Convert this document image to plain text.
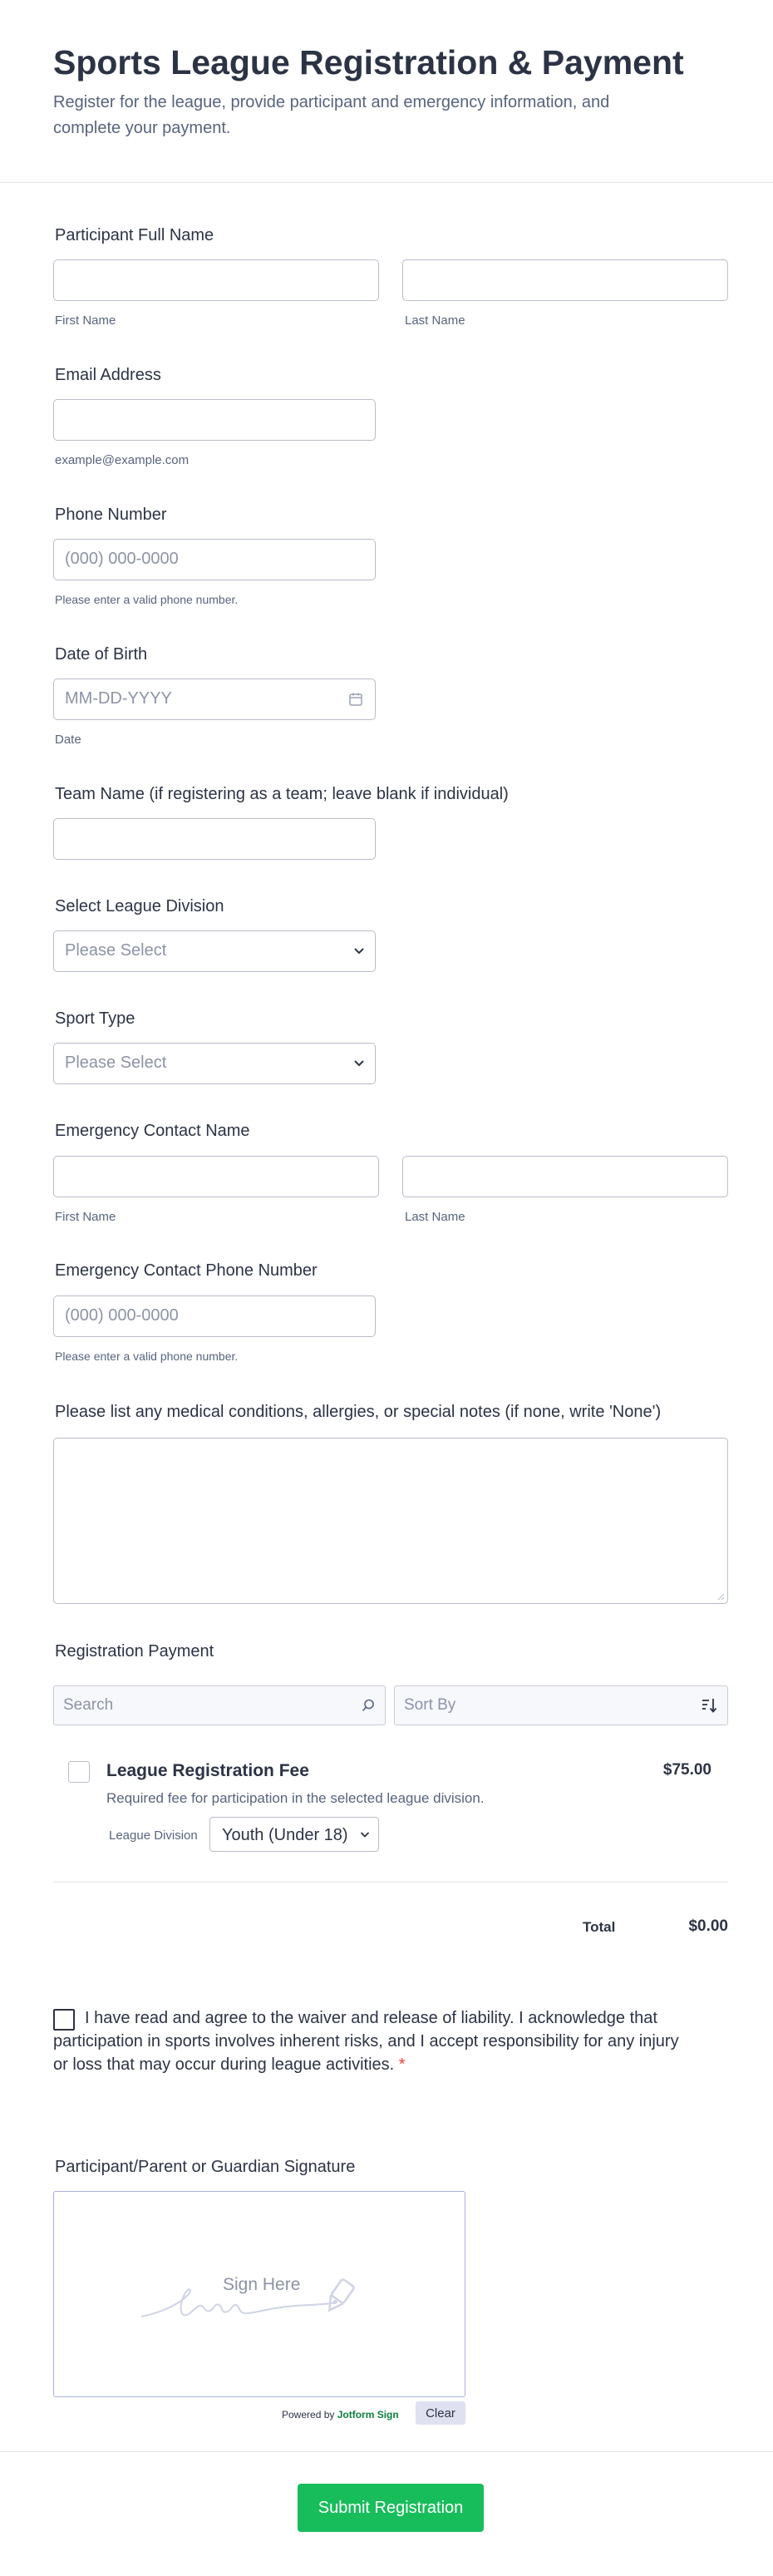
Sports League Registration & Payment
Register for the league, provide participant and emergency information, and complete your payment.
Participant Full Name
First Name	Last Name
Email Address
example@example.com
Phone Number
(000) 000-0000
Please enter a valid phone number.
Date of Birth
MM-DD-YYYY
Date
Team Name (if registering as a team; leave blank if individual)
Select League Division
Please Select
Sport Type
Please Select
Emergency Contact Name
First Name	Last Name
Emergency Contact Phone Number
(000) 000-0000
Please enter a valid phone number.
Please list any medical conditions, allergies, or special notes (if none, write 'None')
Registration Payment
Search	Sort By
League Registration Fee	$75.00
Required fee for participation in the selected league division.
League Division Youth (Under 18)
Total	$0.00
I have read and agree to the waiver and release of liability. I acknowledge that participation in sports involves inherent risks, and I accept responsibility for any injury or loss that may occur during league activities. *
Participant/Parent or Guardian Signature
Sign Here
Powered by Jotform Sign	Clear
Submit Registration
